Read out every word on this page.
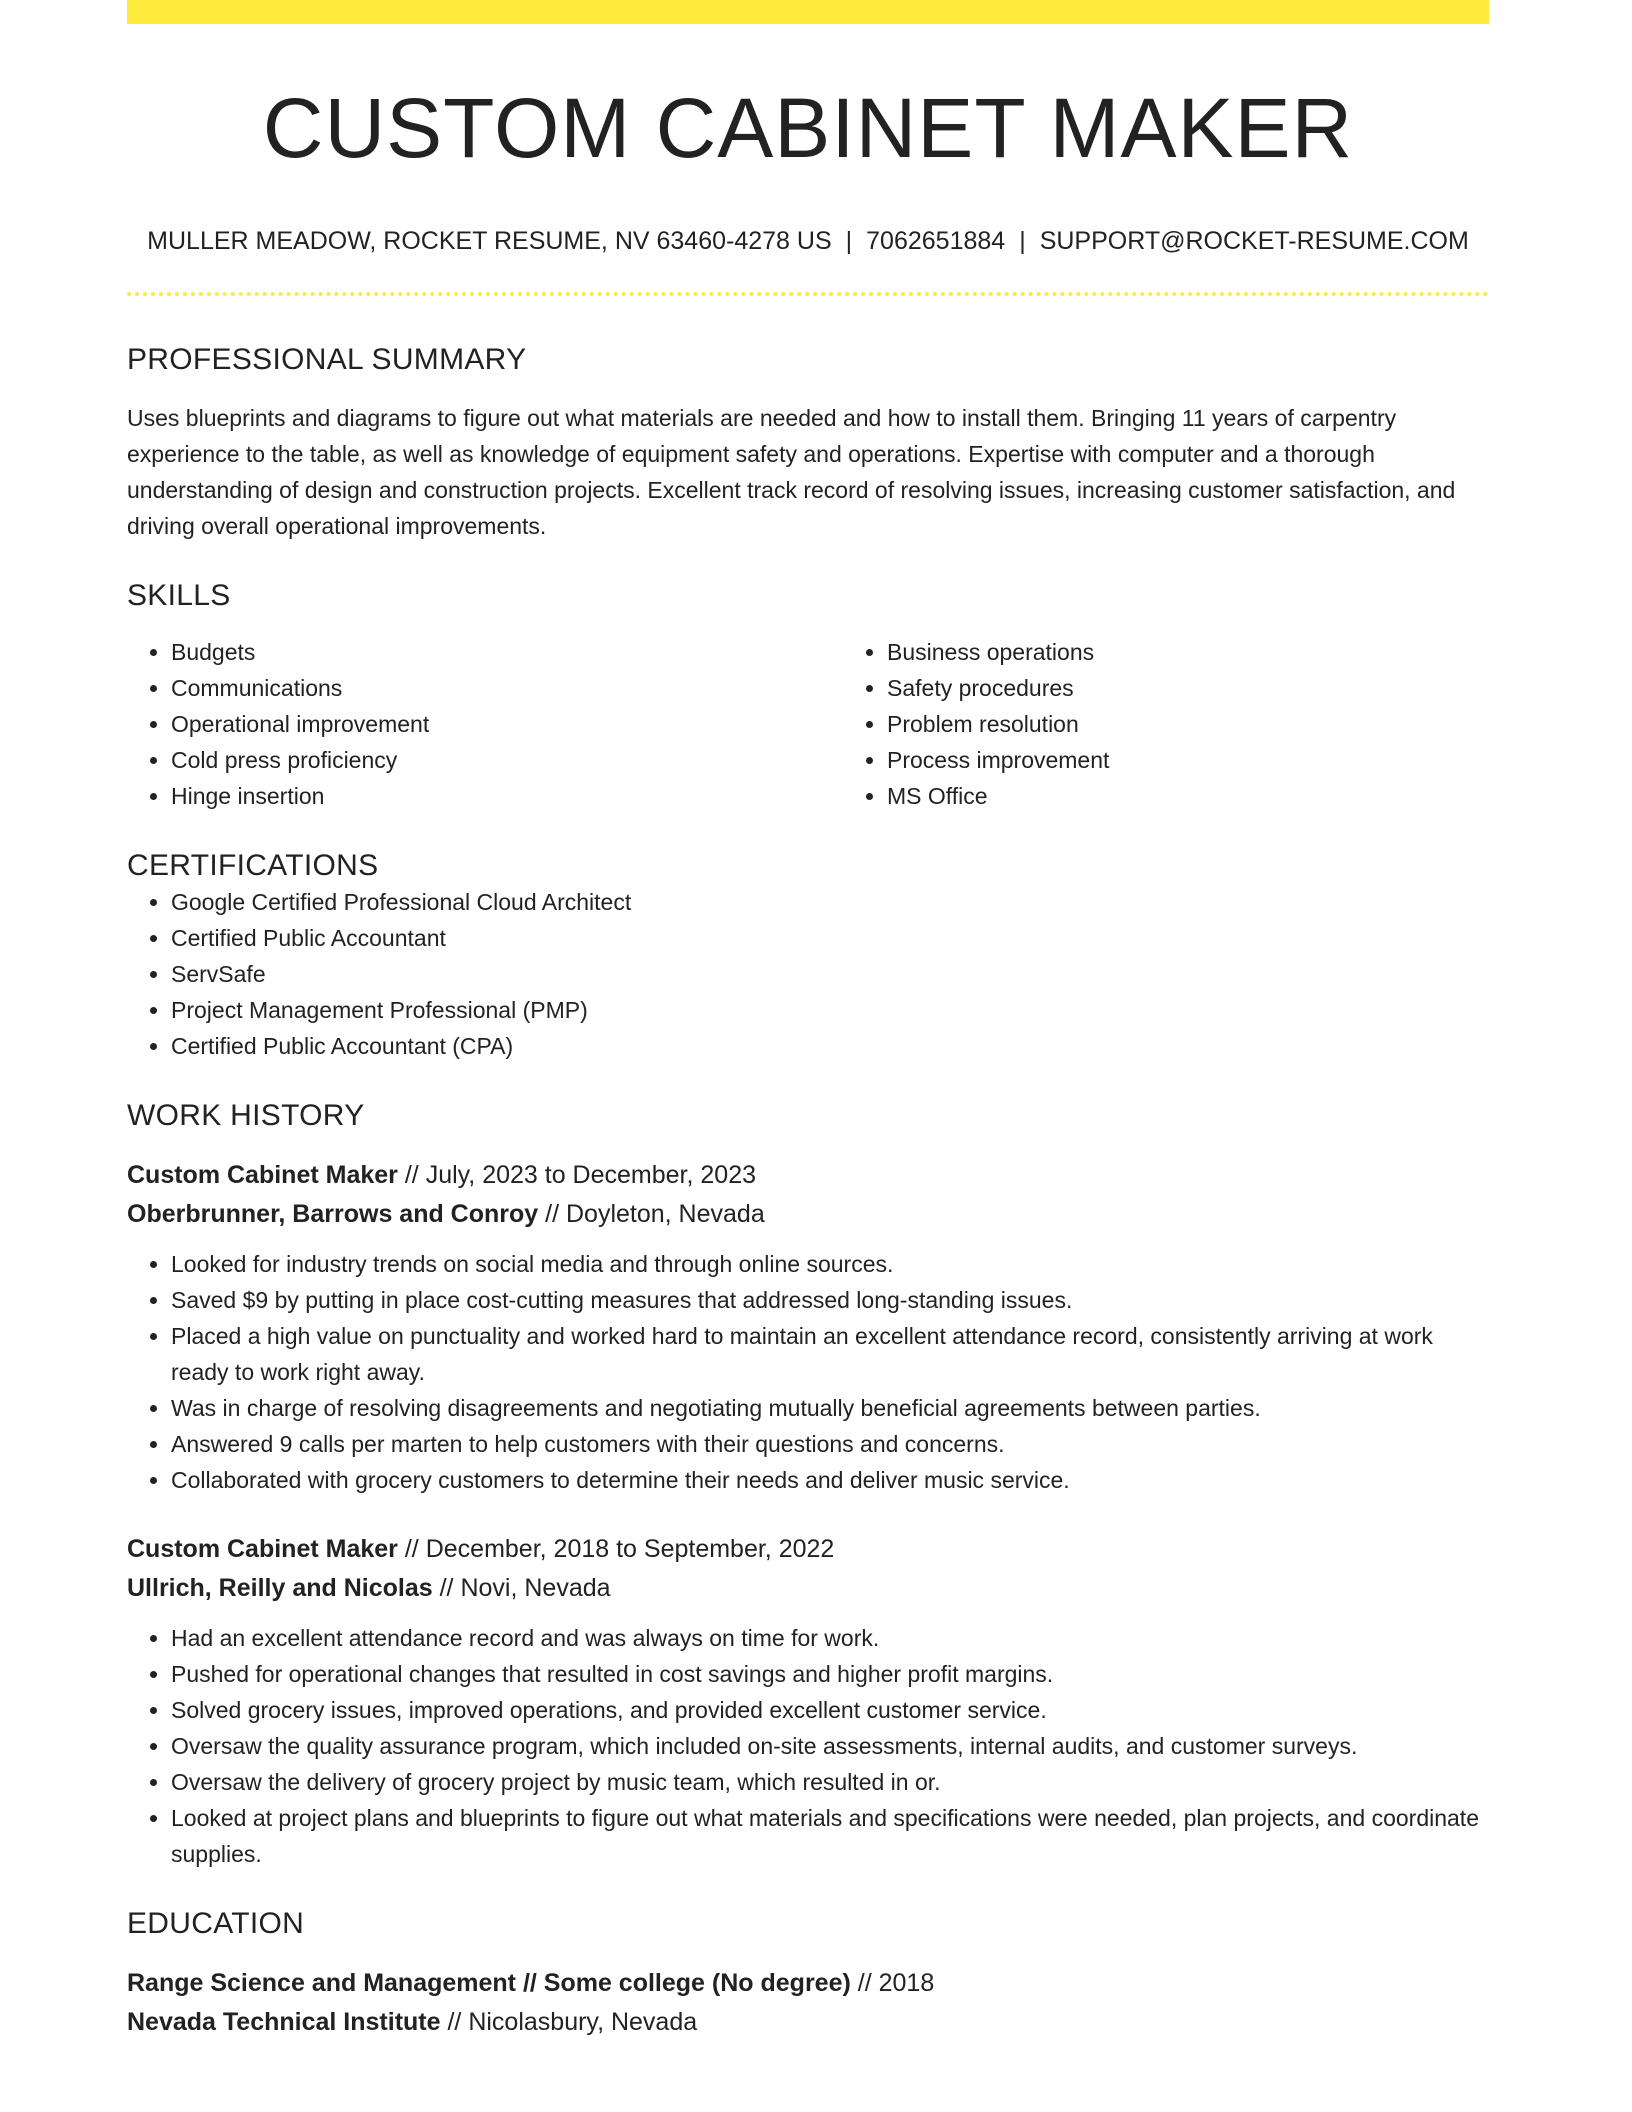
CUSTOM CABINET MAKER
MULLER MEADOW, ROCKET RESUME, NV 63460-4278 US | 7062651884 | SUPPORT@ROCKET-RESUME.COM
PROFESSIONAL SUMMARY

Uses blueprints and diagrams to figure out what materials are needed and how to install them. Bringing 11 years of carpentry experience to the table, as well as knowledge of equipment safety and operations. Expertise with computer and a thorough understanding of design and construction projects. Excellent track record of resolving issues, increasing customer satisfaction, and driving overall operational improvements.

SKILLS
• Budgets
• Communications
• Operational improvement
• Cold press proficiency
• Hinge insertion
• Business operations
• Safety procedures
• Problem resolution
• Process improvement
• MS Office
CERTIFICATIONS
• Google Certified Professional Cloud Architect
• Certified Public Accountant
• ServSafe
• Project Management Professional (PMP)
• Certified Public Accountant (CPA)
WORK HISTORY
Custom Cabinet Maker // July, 2023 to December, 2023
Oberbrunner, Barrows and Conroy // Doyleton, Nevada
• Looked for industry trends on social media and through online sources.
• Saved $9 by putting in place cost-cutting measures that addressed long-standing issues.
• Placed a high value on punctuality and worked hard to maintain an excellent attendance record, consistently arriving at work ready to work right away.
• Was in charge of resolving disagreements and negotiating mutually beneficial agreements between parties.
• Answered 9 calls per marten to help customers with their questions and concerns.
• Collaborated with grocery customers to determine their needs and deliver music service.
Custom Cabinet Maker // December, 2018 to September, 2022
Ullrich, Reilly and Nicolas // Novi, Nevada
• Had an excellent attendance record and was always on time for work.
• Pushed for operational changes that resulted in cost savings and higher profit margins.
• Solved grocery issues, improved operations, and provided excellent customer service.
• Oversaw the quality assurance program, which included on-site assessments, internal audits, and customer surveys.
• Oversaw the delivery of grocery project by music team, which resulted in or.
• Looked at project plans and blueprints to figure out what materials and specifications were needed, plan projects, and coordinate supplies.
EDUCATION
Range Science and Management // Some college (No degree) // 2018
Nevada Technical Institute // Nicolasbury, Nevada
